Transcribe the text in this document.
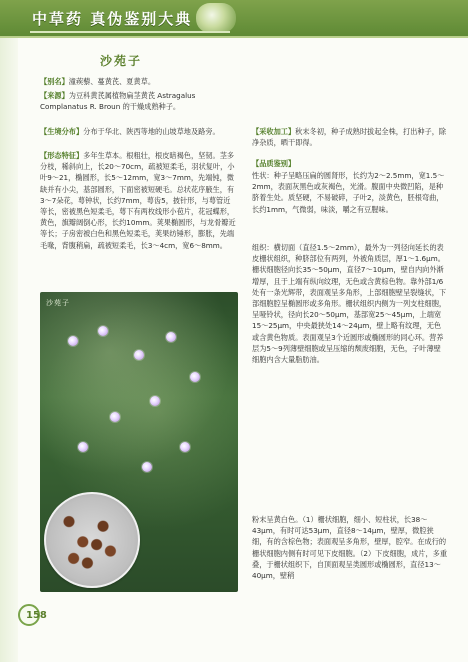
中草药 真伪鉴别大典
沙苑子
【别名】潼蒺藜、蔓黄芪、夏黄草。
【来源】为豆科黄芪属植物扁茎黄芪 Astragalus Complanatus R. Broun 的干燥成熟种子。
【生境分布】分布于华北、陕西等地的山坡草地及路旁。
【形态特征】多年生草本。根粗壮，根皮暗褐色，坚韧。茎多分枝，稀斜向上，长20～70cm，疏被短柔毛，羽状复叶，小叶9～21，椭圆形，长5～12mm，宽3～7mm，先端钝，微缺并有小尖，基部圆形，下面密被短硬毛。总状花序腋生，有3～7朵花，萼钟状，长约7mm，萼齿5，披针形，与萼管近等长，密被黑色短柔毛，萼下有两枚线形小苞片，花冠蝶形，黄色，旗瓣阔倒心形，长约10mm。荚果椭圆形，与龙骨瓣近等长；子房密被白色和黑色短柔毛，荚果纺锤形，膨胀，先端毛喙，背腹稍扁，疏被短柔毛，长3～4cm，宽6～8mm。
【采收加工】秋末冬初，种子成熟时拔起全株，打出种子，除净杂质，晒干即得。
【品质鉴别】
性状：种子呈略压扁的圆肾形，长约为2～2.5mm，宽1.5～2mm，表面灰黑色或灰褐色，光滑。腹面中央微凹陷，是种脐着生处。质坚硬，不易破碎，子叶2，淡黄色，胚根弯曲，长约1mm，气微弱，味淡，嚼之有豆腥味。
组织：横切面（直径1.5～2mm），最外为一列径向延长的表皮栅状组织，种脐部位有两列，外被角质层，厚1～1.6μm。栅状细胞径向长35～50μm，直径7～10μm，壁自内向外渐增厚，且于上端有纵向纹理，无色或含黄棕色物。靠外部1/6处有一条光辉带，表面观呈多角形，上部细胞壁呈裂缝状，下部细胞腔呈椭圆形或多角形。栅状组织内侧为一列支柱细胞，呈哑铃状，径向长20～50μm，基部宽25～45μm，上端宽15～25μm，中央最狭处14～24μm，壁上略有纹理，无色或含黄色物质。表面观呈3个近圆形或椭圆形的同心环。营养层为5～9列薄壁细胞或呈压缩的颓废细胞，无色，子叶薄壁细胞内含大量脂肪油。
粉末呈黄白色。（1）栅状细胞，细小、短柱状，长38～43μm，有时可达53μm，直径8～14μm，壁厚，微腔狭细，有的含棕色物；表面观呈多角形，壁厚，腔窄。在成行的栅状细胞内侧有时可见下皮细胞。（2）下皮细胞，成片，多重叠，于栅状组织下，自顶面观呈类圆形或椭圆形，直径13～40μm，壁稍
沙苑子
158
